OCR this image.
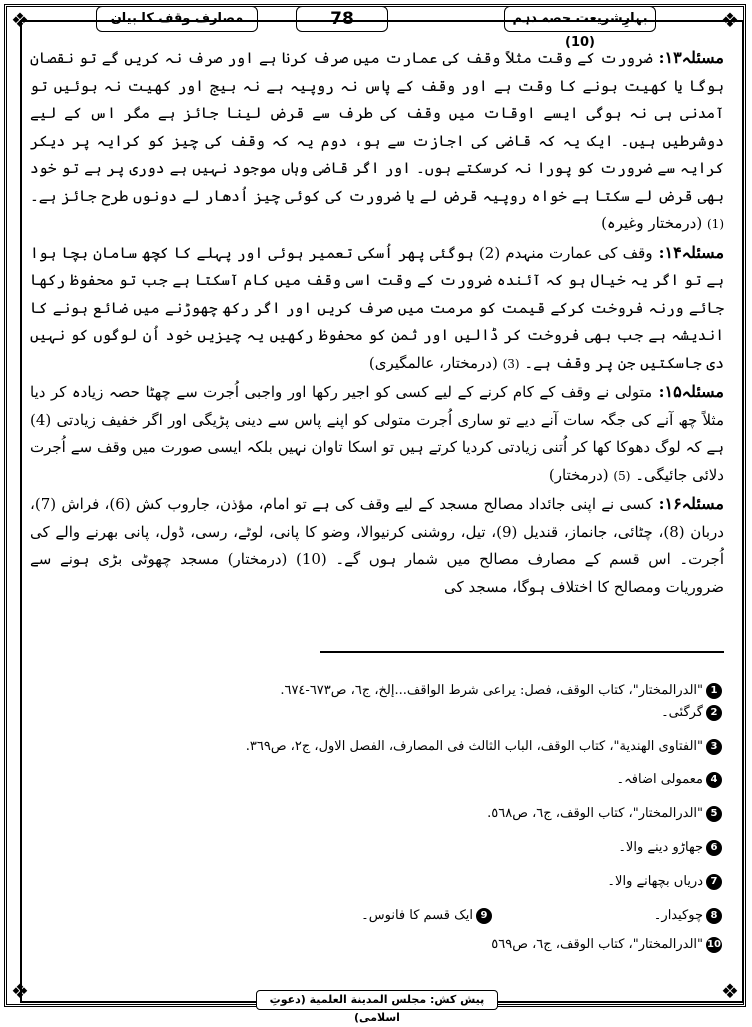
❖	❖
❖	❖
بہارِشریعت حصہ دہم (10)
78
مصارف وقف کا بیان

مسئلہ۱۳:ضرورت کے وقت مثلاً وقف کی عمارت میں صرف کرنا ہے اور صرف نہ کریں گے تو نقصان ہوگا یا کھیت بونے کا وقت ہے اور وقف کے پاس نہ روپیہ ہے نہ بیج اور کھیت نہ بوئیں تو آمدنی ہی نہ ہوگی ایسے اوقات میں وقف کی طرف سے قرض لینا جائز ہے مگر اس کے لیے دوشرطیں ہیں۔ ایک یہ کہ قاضی کی اجازت سے ہو، دوم یہ کہ وقف کی چیز کو کرایہ پر دیکر کرایہ سے ضرورت کو پورا نہ کرسکتے ہوں۔ اور اگر قاضی وہاں موجود نہیں ہے دوری پر ہے تو خود بھی قرض لے سکتا ہے خواہ روپیہ قرض لے یا ضرورت کی کوئی چیز اُدھار لے دونوں طرح جائز ہے۔ (1) (درمختار وغیرہ)

مسئلہ۱۴:وقف کی عمارت منہدم (2) ہوگئی پھر اُسکی تعمیر ہوئی اور پہلے کا کچھ سامان بچا ہوا ہے تو اگر یہ خیال ہو کہ آئندہ ضرورت کے وقت اسی وقف میں کام آسکتا ہے جب تو محفوظ رکھا جائے ورنہ فروخت کرکے قیمت کو مرمت میں صرف کریں اور اگر رکھ چھوڑنے میں ضائع ہونے کا اندیشہ ہے جب بھی فروخت کر ڈالیں اور ثمن کو محفوظ رکھیں یہ چیزیں خود اُن لوگوں کو نہیں دی جاسکتیں جن پر وقف ہے۔ (3) (درمختار، عالمگیری)

مسئلہ۱۵:متولی نے وقف کے کام کرنے کے لیے کسی کو اجیر رکھا اور واجبی اُجرت سے چھٹا حصہ زیادہ کر دیا مثلاً چھ آنے کی جگہ سات آنے دیے تو ساری اُجرت متولی کو اپنے پاس سے دینی پڑیگی اور اگر خفیف زیادتی (4) ہے کہ لوگ دھوکا کھا کر اُتنی زیادتی کردیا کرتے ہیں تو اسکا تاوان نہیں بلکہ ایسی صورت میں وقف سے اُجرت دلائی جائیگی۔ (5) (درمختار)

مسئلہ۱۶:کسی نے اپنی جائداد مصالح مسجد کے لیے وقف کی ہے تو امام، مؤذن، جاروب کش (6)، فراش (7)، دربان (8)، چٹائی، جانماز، قندیل (9)، تیل، روشنی کرنیوالا، وضو کا پانی، لوٹے، رسی، ڈول، پانی بھرنے والے کی اُجرت۔ اس قسم کے مصارف مصالح میں شمار ہوں گے۔ (10) (درمختار) مسجد چھوٹی بڑی ہونے سے ضروریات ومصالح کا اختلاف ہوگا، مسجد کی

1"الدرالمختار"، کتاب الوقف، فصل: یراعی شرط الواقف...إلخ، ج٦، ص٦٧٣-٦٧٤.
2گرگئی۔
3"الفتاوی الھندیة"، کتاب الوقف، الباب الثالث فی المصارف، الفصل الاول، ج٢، ص٣٦٩.
4معمولی اضافہ۔
5"الدرالمختار"، کتاب الوقف، ج٦، ص٥٦٨.
6جھاڑو دینے والا۔
7دریاں بچھانے والا۔
8چوکیدار۔
9ایک قسم کا فانوس۔
10"الدرالمختار"، کتاب الوقف، ج٦، ص٥٦٩
پیش کش: مجلس المدینة العلمیة (دعوتِ اسلامی)
